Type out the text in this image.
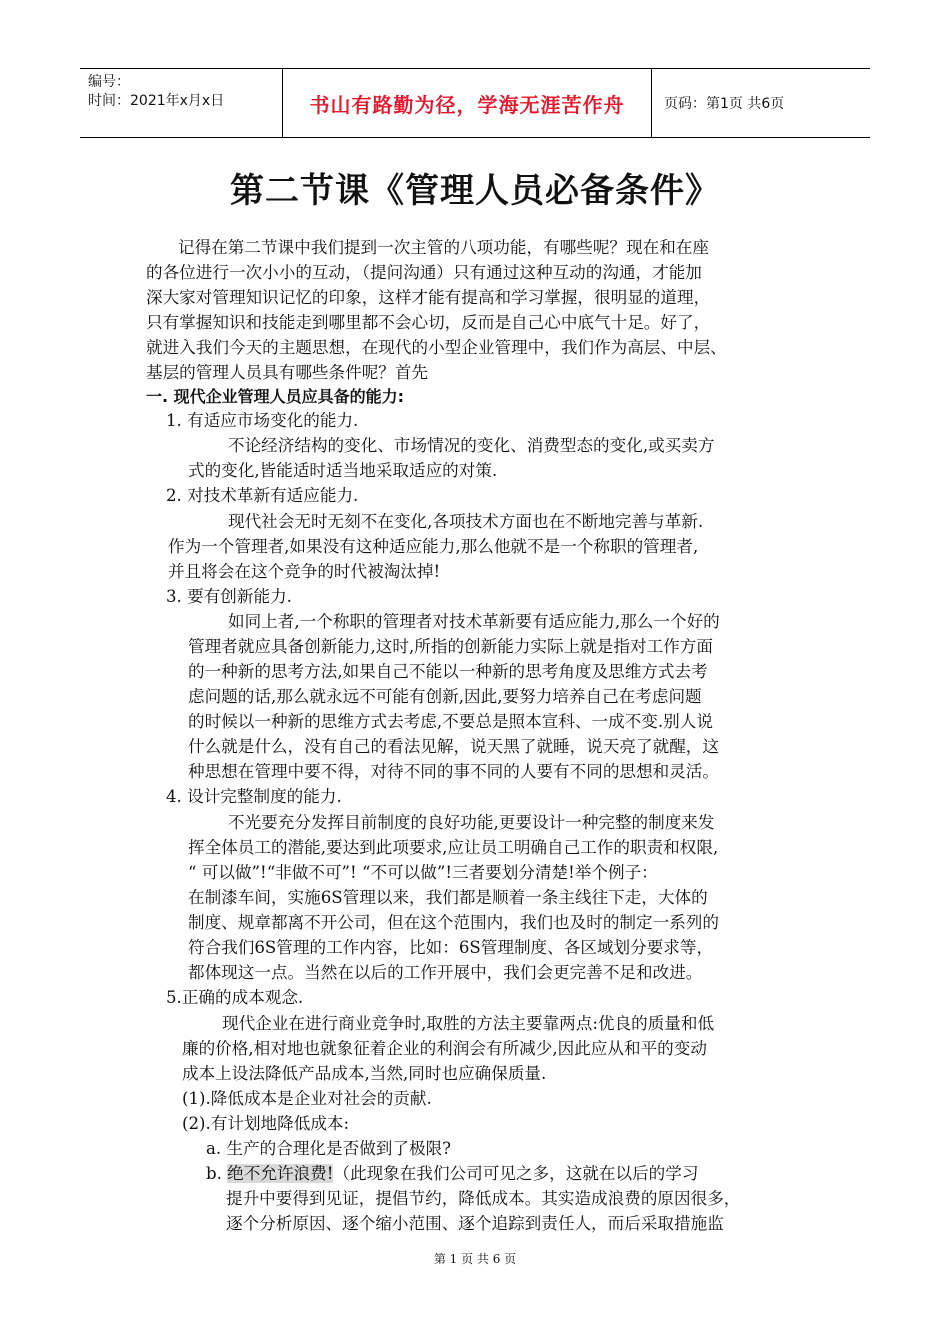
编号：
时间：2021年x月x日	书山有路勤为径，学海无涯苦作舟	页码：第1页 共6页
第二节课《管理人员必备条件》
记得在第二节课中我们提到一次主管的八项功能，有哪些呢？现在和在座
的各位进行一次小小的互动，（提问沟通）只有通过这种互动的沟通，才能加
深大家对管理知识记忆的印象，这样才能有提高和学习掌握，很明显的道理，
只有掌握知识和技能走到哪里都不会心切，反而是自己心中底气十足。好了，
就进入我们今天的主题思想，在现代的小型企业管理中，我们作为高层、中层、
基层的管理人员具有哪些条件呢？首先
一. 现代企业管理人员应具备的能力:
1. 有适应市场变化的能力.
不论经济结构的变化、市场情况的变化、消费型态的变化,或买卖方
式的变化,皆能适时适当地采取适应的对策.
2. 对技术革新有适应能力.
现代社会无时无刻不在变化,各项技术方面也在不断地完善与革新.
作为一个管理者,如果没有这种适应能力,那么他就不是一个称职的管理者,
并且将会在这个竞争的时代被淘汰掉!
3. 要有创新能力.
如同上者,一个称职的管理者对技术革新要有适应能力,那么一个好的
管理者就应具备创新能力,这时,所指的创新能力实际上就是指对工作方面
的一种新的思考方法,如果自己不能以一种新的思考角度及思维方式去考
虑问题的话,那么就永远不可能有创新,因此,要努力培养自己在考虑问题
的时候以一种新的思维方式去考虑,不要总是照本宣科、一成不变.别人说
什么就是什么，没有自己的看法见解，说天黑了就睡，说天亮了就醒，这
种思想在管理中要不得，对待不同的事不同的人要有不同的思想和灵活。
4. 设计完整制度的能力.
不光要充分发挥目前制度的良好功能,更要设计一种完整的制度来发
挥全体员工的潜能,要达到此项要求,应让员工明确自己工作的职责和权限,
“ 可以做”!“非做不可”! “不可以做”!三者要划分清楚!举个例子：
在制漆车间，实施6S管理以来，我们都是顺着一条主线往下走，大体的
制度、规章都离不开公司，但在这个范围内，我们也及时的制定一系列的
符合我们6S管理的工作内容，比如：6S管理制度、各区域划分要求等，
都体现这一点。当然在以后的工作开展中，我们会更完善不足和改进。
5.正确的成本观念.
现代企业在进行商业竞争时,取胜的方法主要靠两点:优良的质量和低
廉的价格,相对地也就象征着企业的利润会有所减少,因此应从和平的变动
成本上设法降低产品成本,当然,同时也应确保质量.
(1).降低成本是企业对社会的贡献.
(2).有计划地降低成本:
a. 生产的合理化是否做到了极限?
b. 绝不允许浪费!（此现象在我们公司可见之多，这就在以后的学习
提升中要得到见证，提倡节约，降低成本。其实造成浪费的原因很多，
逐个分析原因、逐个缩小范围、逐个追踪到责任人，而后采取措施监
第 1 页 共 6 页
